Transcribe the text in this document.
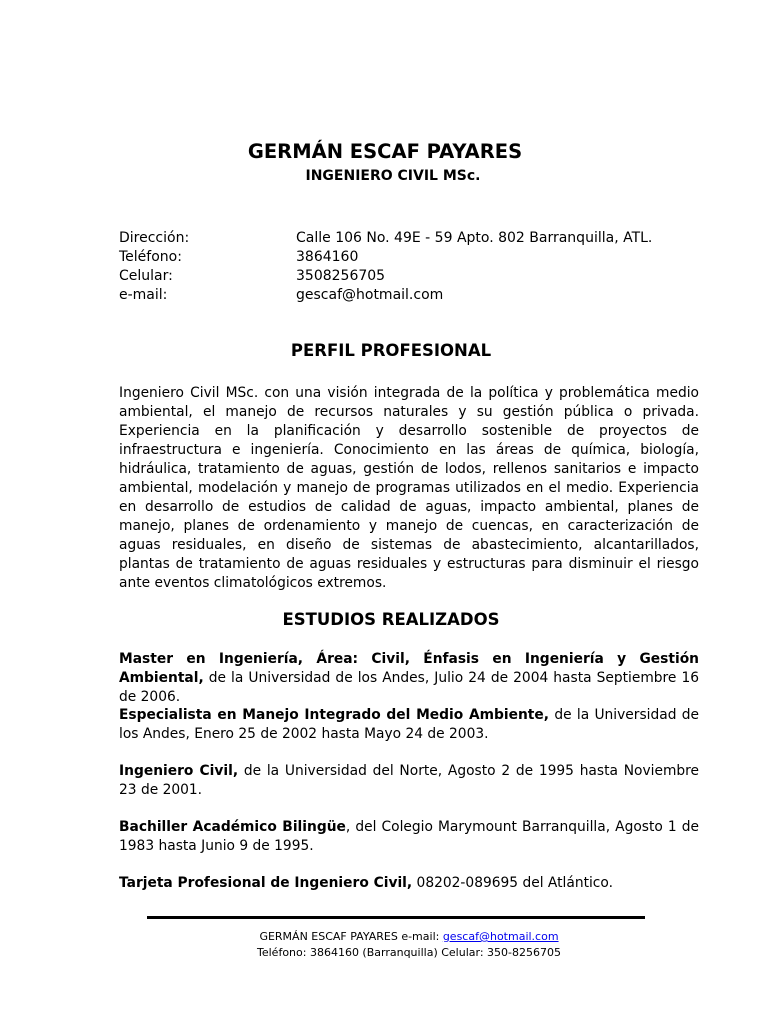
GERMÁN ESCAF PAYARES
INGENIERO CIVIL MSc.
Dirección:	Calle 106 No. 49E - 59 Apto. 802 Barranquilla, ATL.
Teléfono:	3864160
Celular:	3508256705
e-mail:	gescaf@hotmail.com
PERFIL PROFESIONAL

Ingeniero Civil MSc. con una visión integrada de la política y problemática medio ambiental, el manejo de recursos naturales y su gestión pública o privada. Experiencia en la planificación y desarrollo sostenible de proyectos de infraestructura e ingeniería. Conocimiento en las áreas de química, biología, hidráulica, tratamiento de aguas, gestión de lodos, rellenos sanitarios e impacto ambiental, modelación y manejo de programas utilizados en el medio. Experiencia en desarrollo de estudios de calidad de aguas, impacto ambiental, planes de manejo, planes de ordenamiento y manejo de cuencas, en caracterización de aguas residuales, en diseño de sistemas de abastecimiento, alcantarillados, plantas de tratamiento de aguas residuales y estructuras para disminuir el riesgo ante eventos climatológicos extremos.

ESTUDIOS REALIZADOS

Master en Ingeniería, Área: Civil, Énfasis en Ingeniería y Gestión Ambiental, de la Universidad de los Andes, Julio 24 de 2004 hasta Septiembre 16 de 2006.

Especialista en Manejo Integrado del Medio Ambiente, de la Universidad de los Andes, Enero 25 de 2002 hasta Mayo 24 de 2003.

Ingeniero Civil, de la Universidad del Norte, Agosto 2 de 1995 hasta Noviembre 23 de 2001.

Bachiller Académico Bilingüe, del Colegio Marymount Barranquilla, Agosto 1 de 1983 hasta Junio 9 de 1995.

Tarjeta Profesional de Ingeniero Civil, 08202-089695 del Atlántico.

GERMÁN ESCAF PAYARES e-mail: gescaf@hotmail.com
Teléfono: 3864160 (Barranquilla) Celular: 350-8256705
